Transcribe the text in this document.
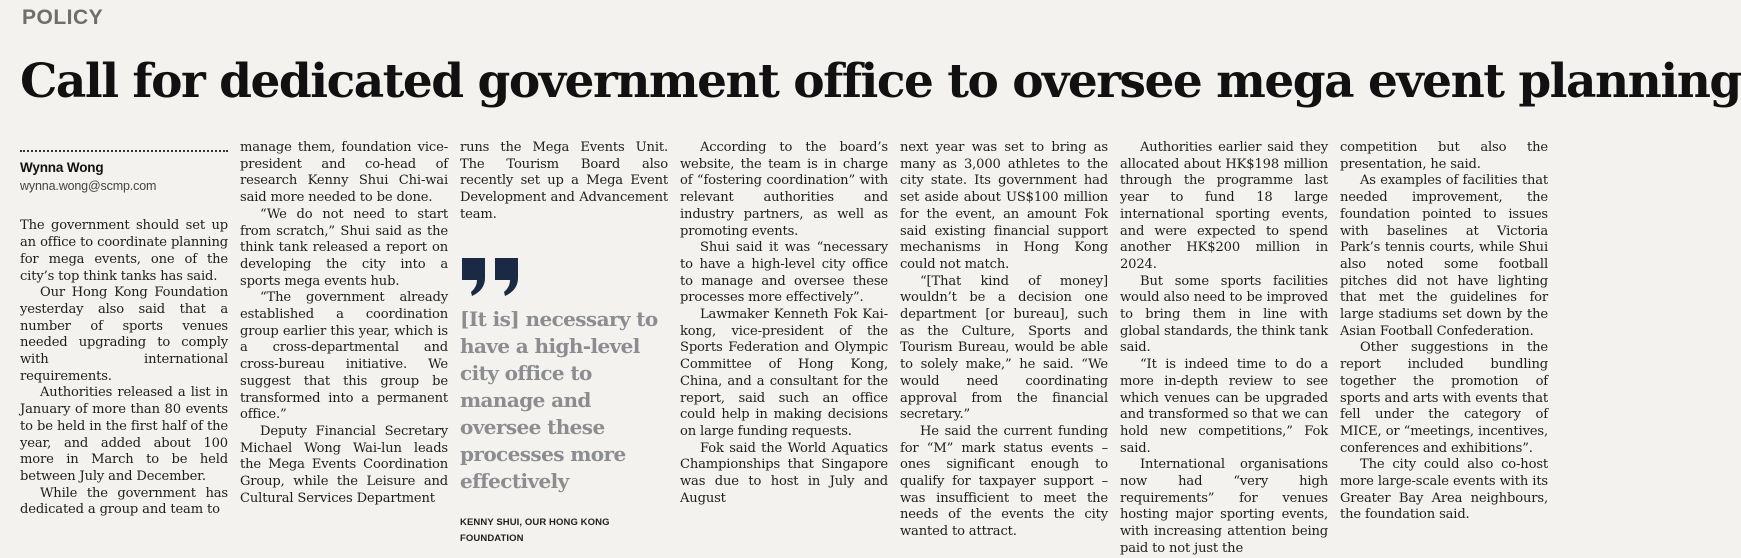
POLICY
Call for dedicated government office to oversee mega event planning
Wynna Wong
wynna.wong@scmp.com

The government should set up an office to coordinate planning for mega events, one of the city’s top think tanks has said.

Our Hong Kong Foundation yesterday also said that a number of sports venues needed upgrading to comply with international requirements.

Authorities released a list in January of more than 80 events to be held in the first half of the year, and added about 100 more in March to be held between July and December.

While the government has dedicated a group and team to

manage them, foundation vice-president and co-head of research Kenny Shui Chi-wai said more needed to be done.

“We do not need to start from scratch,” Shui said as the think tank released a report on developing the city into a sports mega events hub.

“The government already established a coordination group earlier this year, which is a cross-departmental and cross-bureau initiative. We suggest that this group be transformed into a permanent office.”

Deputy Financial Secretary Michael Wong Wai-lun leads the Mega Events Coordination Group, while the Leisure and Cultural Services Department

runs the Mega Events Unit. The Tourism Board also recently set up a Mega Event Development and Advancement team.

[It is] necessary to have a high-level city office to manage and oversee these processes more effectively
KENNY SHUI, OUR HONG KONG FOUNDATION

According to the board’s website, the team is in charge of “fostering coordination” with relevant authorities and industry partners, as well as promoting events.

Shui said it was “necessary to have a high-level city office to manage and oversee these processes more effectively”.

Lawmaker Kenneth Fok Kai-kong, vice-president of the Sports Federation and Olympic Committee of Hong Kong, China, and a consultant for the report, said such an office could help in making decisions on large funding requests.

Fok said the World Aquatics Championships that Singapore was due to host in July and August

next year was set to bring as many as 3,000 athletes to the city state. Its government had set aside about US$100 million for the event, an amount Fok said existing financial support mechanisms in Hong Kong could not match.

“[That kind of money] wouldn’t be a decision one department [or bureau], such as the Culture, Sports and Tourism Bureau, would be able to solely make,” he said. “We would need coordinating approval from the financial secretary.”

He said the current funding for “M” mark status events – ones significant enough to qualify for taxpayer support – was insufficient to meet the needs of the events the city wanted to attract.

Authorities earlier said they allocated about HK$198 million through the programme last year to fund 18 large international sporting events, and were expected to spend another HK$200 million in 2024.

But some sports facilities would also need to be improved to bring them in line with global standards, the think tank said.

“It is indeed time to do a more in-depth review to see which venues can be upgraded and transformed so that we can hold new competitions,” Fok said.

International organisations now had “very high requirements” for venues hosting major sporting events, with increasing attention being paid to not just the

competition but also the presentation, he said.

As examples of facilities that needed improvement, the foundation pointed to issues with baselines at Victoria Park’s tennis courts, while Shui also noted some football pitches did not have lighting that met the guidelines for large stadiums set down by the Asian Football Confederation.

Other suggestions in the report included bundling together the promotion of sports and arts with events that fell under the category of MICE, or “meetings, incentives, conferences and exhibitions”.

The city could also co-host more large-scale events with its Greater Bay Area neighbours, the foundation said.
